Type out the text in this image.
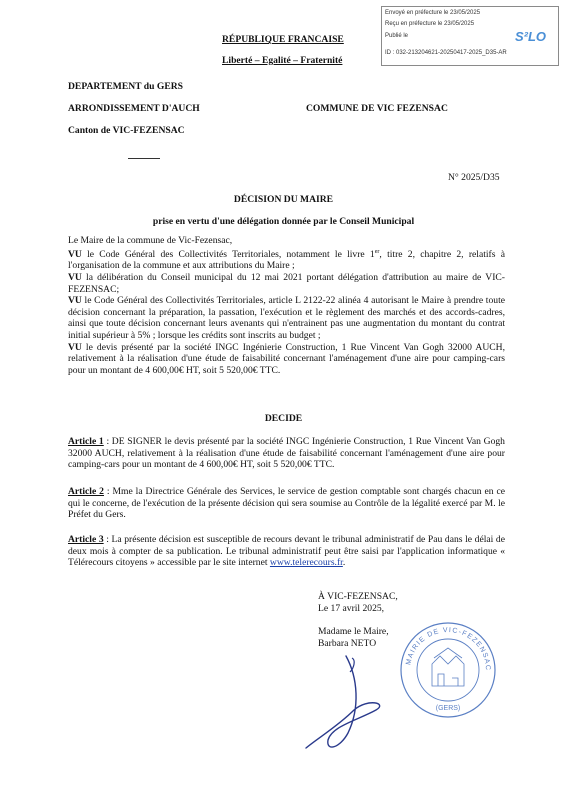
Envoyé en préfecture le 23/05/2025
Reçu en préfecture le 23/05/2025
Publié le
ID : 032-213204621-20250417-2025_D35-AR
S²LO
RÉPUBLIQUE FRANCAISE
Liberté – Egalité – Fraternité
DEPARTEMENT du GERS
ARRONDISSEMENT D'AUCH	COMMUNE DE VIC FEZENSAC
Canton de VIC-FEZENSAC
N° 2025/D35
DÉCISION DU MAIRE
prise en vertu d'une délégation donnée par le Conseil Municipal
Le Maire de la commune de Vic-Fezensac,
VU le Code Général des Collectivités Territoriales, notamment le livre 1er, titre 2, chapitre 2, relatifs à l'organisation de la commune et aux attributions du Maire ;
VU la délibération du Conseil municipal du 12 mai 2021 portant délégation d'attribution au maire de VIC-FEZENSAC;
VU le Code Général des Collectivités Territoriales, article L 2122-22 alinéa 4 autorisant le Maire à prendre toute décision concernant la préparation, la passation, l'exécution et le règlement des marchés et des accords-cadres, ainsi que toute décision concernant leurs avenants qui n'entrainent pas une augmentation du montant du contrat initial supérieur à 5% ; lorsque les crédits sont inscrits au budget ;
VU le devis présenté par la société INGC Ingénierie Construction, 1 Rue Vincent Van Gogh 32000 AUCH, relativement à la réalisation d'une étude de faisabilité concernant l'aménagement d'une aire pour camping-cars pour un montant de 4 600,00€ HT, soit 5 520,00€ TTC.
DECIDE
Article 1 : DE SIGNER le devis présenté par la société INGC Ingénierie Construction, 1 Rue Vincent Van Gogh 32000 AUCH, relativement à la réalisation d'une étude de faisabilité concernant l'aménagement d'une aire pour camping-cars pour un montant de 4 600,00€ HT, soit 5 520,00€ TTC.
Article 2 : Mme la Directrice Générale des Services, le service de gestion comptable sont chargés chacun en ce qui le concerne, de l'exécution de la présente décision qui sera soumise au Contrôle de la légalité exercé par M. le Préfet du Gers.
Article 3 : La présente décision est susceptible de recours devant le tribunal administratif de Pau dans le délai de deux mois à compter de sa publication. Le tribunal administratif peut être saisi par l'application informatique « Télérecours citoyens » accessible par le site internet www.telerecours.fr.
À VIC-FEZENSAC,
Le 17 avril 2025,
Madame le Maire,
Barbara NETO
MAIRIE DE VIC-FEZENSAC
(GERS)
